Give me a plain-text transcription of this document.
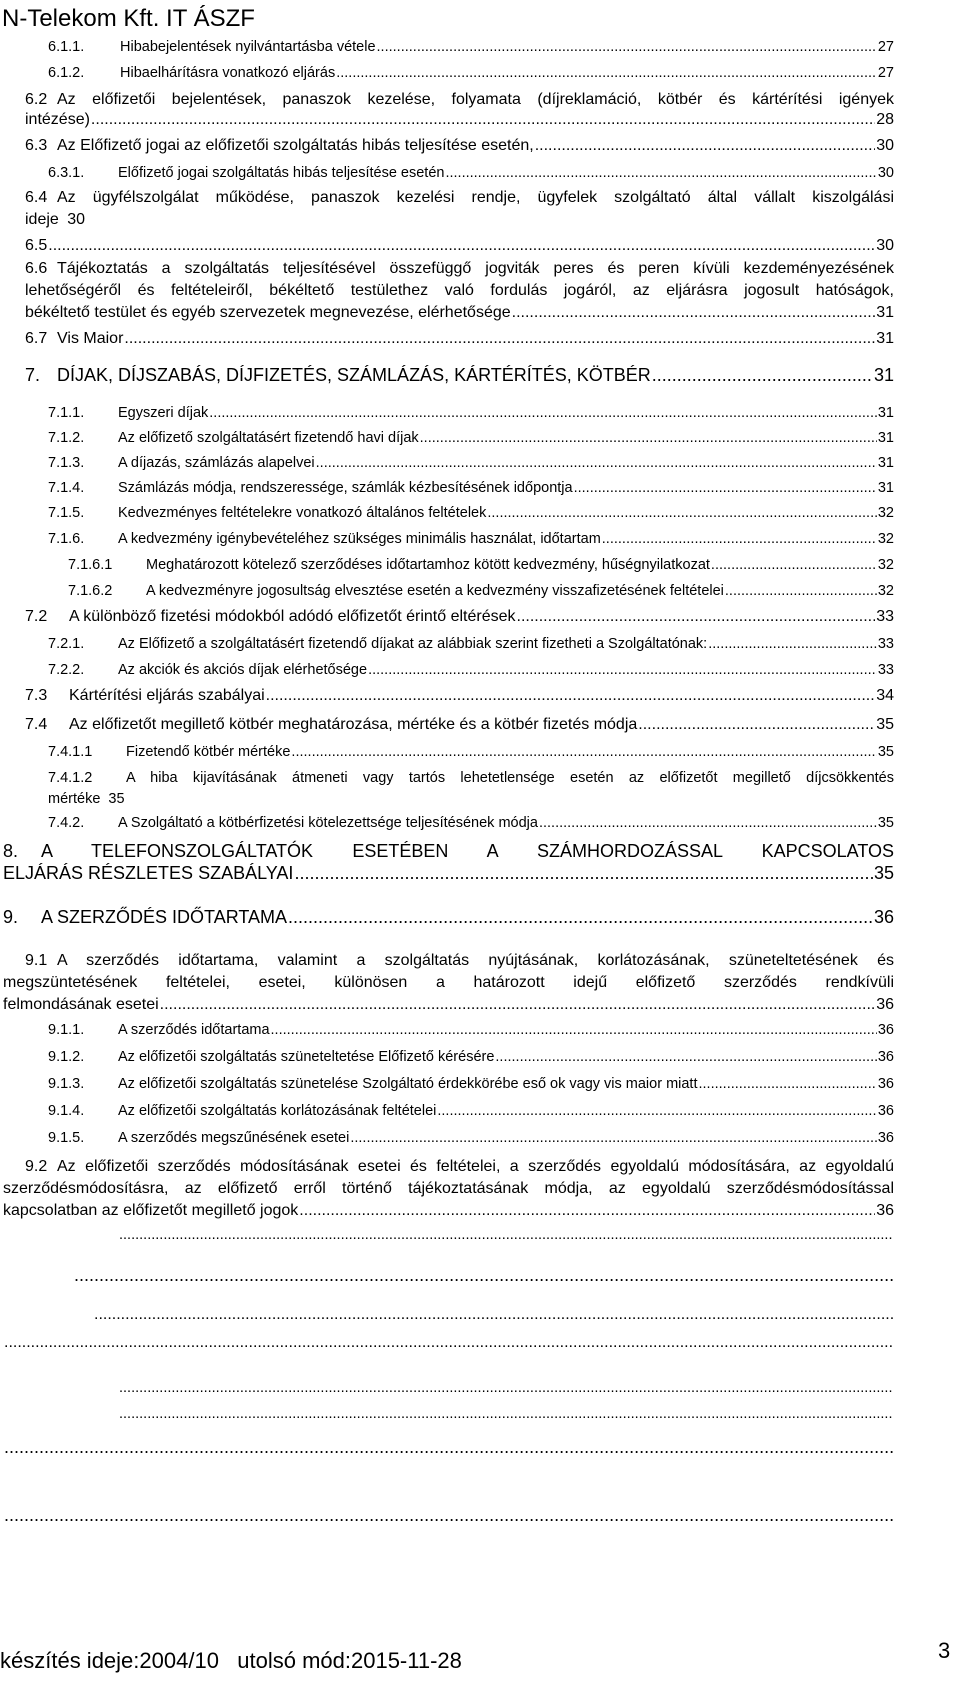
N-Telekom Kft. IT ÁSZF
6.1.1.	Hibabejelentések nyilvántartásba vétele .....	27
6.1.2.	Hibaelhárításra vonatkozó eljárás .....	27
6.2 Az előfizetői bejelentések, panaszok kezelése, folyamata (díjreklamáció, kötbér és kártérítési igények
intézése) .....	28
6.3 Az Előfizető jogai az előfizetői szolgáltatás hibás teljesítése esetén, .....	30
6.3.1.	Előfizető jogai szolgáltatás hibás teljesítése esetén .....	30
6.4 Az ügyfélszolgálat működése, panaszok kezelési rendje, ügyfelek szolgáltató által vállalt kiszolgálási
ideje 30
6.5 .....	30
6.6 Tájékoztatás a szolgáltatás teljesítésével összefüggő jogviták peres és peren kívüli kezdeményezésének
lehetőségéről és feltételeiről, békéltető testülethez való fordulás jogáról, az eljárásra jogosult hatóságok,
békéltető testület és egyéb szervezetek megnevezése, elérhetősége .....	31
6.7 Vis Maior .....	31
7. DÍJAK, DÍJSZABÁS, DÍJFIZETÉS, SZÁMLÁZÁS, KÁRTÉRÍTÉS, KÖTBÉR .....	31
7.1.1.	Egyszeri díjak .....	31
7.1.2.	Az előfizető szolgáltatásért fizetendő havi díjak .....	31
7.1.3.	A díjazás, számlázás alapelvei .....	31
7.1.4.	Számlázás módja, rendszeressége, számlák kézbesítésének időpontja .....	31
7.1.5.	Kedvezményes feltételekre vonatkozó általános feltételek .....	32
7.1.6.	A kedvezmény igénybevételéhez szükséges minimális használat, időtartam .....	32
7.1.6.1	Meghatározott kötelező szerződéses időtartamhoz kötött kedvezmény, hűségnyilatkozat .....	32
7.1.6.2	A kedvezményre jogosultság elvesztése esetén a kedvezmény visszafizetésének feltételei .....	32
7.2	A különböző fizetési módokból adódó előfizetőt érintő eltérések .....	33
7.2.1.	Az Előfizető a szolgáltatásért fizetendő díjakat az alábbiak szerint fizetheti a Szolgáltatónak: .....	33
7.2.2.	Az akciók és akciós díjak elérhetősége .....	33
7.3	Kártérítési eljárás szabályai .....	34
7.4	Az előfizetőt megillető kötbér meghatározása, mértéke és a kötbér fizetés módja .....	35
7.4.1.1	Fizetendő kötbér mértéke .....	35
7.4.1.2	A hiba kijavításának átmeneti vagy tartós lehetetlensége esetén az előfizetőt megillető díjcsökkentés
mértéke 35
7.4.2.	A Szolgáltató a kötbérfizetési kötelezettsége teljesítésének módja .....	35
8.	A TELEFONSZOLGÁLTATÓK ESETÉBEN A SZÁMHORDOZÁSSAL KAPCSOLATOS
ELJÁRÁS RÉSZLETES SZABÁLYAI .....	35
9.	A SZERZŐDÉS IDŐTARTAMA .....	36
9.1 A szerződés időtartama, valamint a szolgáltatás nyújtásának, korlátozásának, szüneteltetésének és
megszüntetésének feltételei, esetei, különösen a határozott idejű előfizető szerződés rendkívüli
felmondásának esetei .....	36
9.1.1.	A szerződés időtartama .....	36
9.1.2.	Az előfizetői szolgáltatás szüneteltetése Előfizető kérésére .....	36
9.1.3.	Az előfizetői szolgáltatás szünetelése Szolgáltató érdekkörébe eső ok vagy vis maior miatt .....	36
9.1.4.	Az előfizetői szolgáltatás korlátozásának feltételei .....	36
9.1.5.	A szerződés megszűnésének esetei .....	36
9.2 Az előfizetői szerződés módosításának esetei és feltételei, a szerződés egyoldalú módosítására, az egyoldalú
szerződésmódosításra, az előfizető erről történő tájékoztatásának módja, az egyoldalú szerződésmódosítással
kapcsolatban az előfizetőt megillető jogok .....	36
.....
.....
.....
.....
.....
.....
.....
.....
készítés ideje:2004/10   utolsó mód:2015-11-28	3
